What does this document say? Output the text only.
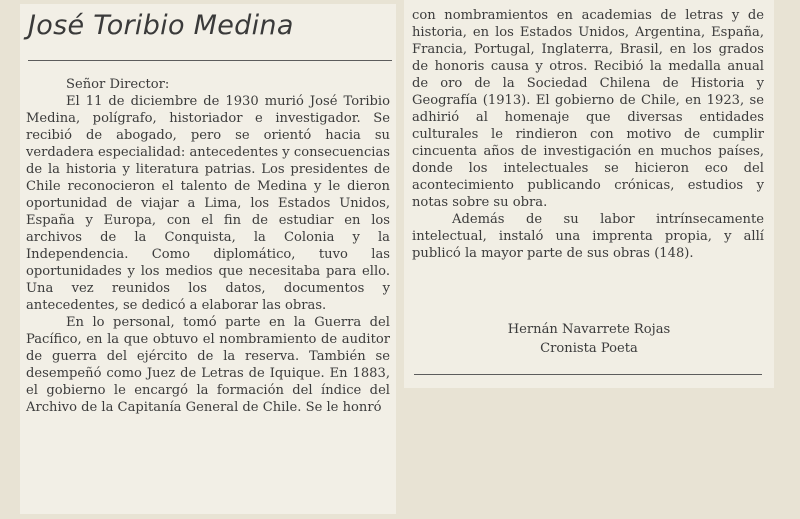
José Toribio Medina

Señor Director:

El 11 de diciembre de 1930 murió José Toribio Medina, polígrafo, historiador e investigador. Se recibió de abogado, pero se orientó hacia su verdadera especialidad: antecedentes y consecuencias de la historia y literatura patrias. Los presidentes de Chile reconocieron el talento de Medina y le dieron oportunidad de viajar a Lima, los Estados Unidos, España y Europa, con el fin de estudiar en los archivos de la Conquista, la Colonia y la Independencia. Como diplomático, tuvo las oportunidades y los medios que necesitaba para ello. Una vez reunidos los datos, documentos y antecedentes, se dedicó a elaborar las obras.

En lo personal, tomó parte en la Guerra del Pacífico, en la que obtuvo el nombramiento de auditor de guerra del ejército de la reserva. También se desempeñó como Juez de Letras de Iquique. En 1883, el gobierno le encargó la formación del índice del Archivo de la Capitanía General de Chile. Se le honró

con nombramientos en academias de letras y de historia, en los Estados Unidos, Argentina, España, Francia, Portugal, Inglaterra, Brasil, en los grados de honoris causa y otros. Recibió la medalla anual de oro de la Sociedad Chilena de Historia y Geografía (1913). El gobierno de Chile, en 1923, se adhirió al homenaje que diversas entidades culturales le rindieron con motivo de cumplir cincuenta años de investigación en muchos países, donde los intelectuales se hicieron eco del acontecimiento publicando crónicas, estudios y notas sobre su obra.

Además de su labor intrínsecamente intelectual, instaló una imprenta propia, y allí publicó la mayor parte de sus obras (148).

Hernán Navarrete Rojas
Cronista Poeta
